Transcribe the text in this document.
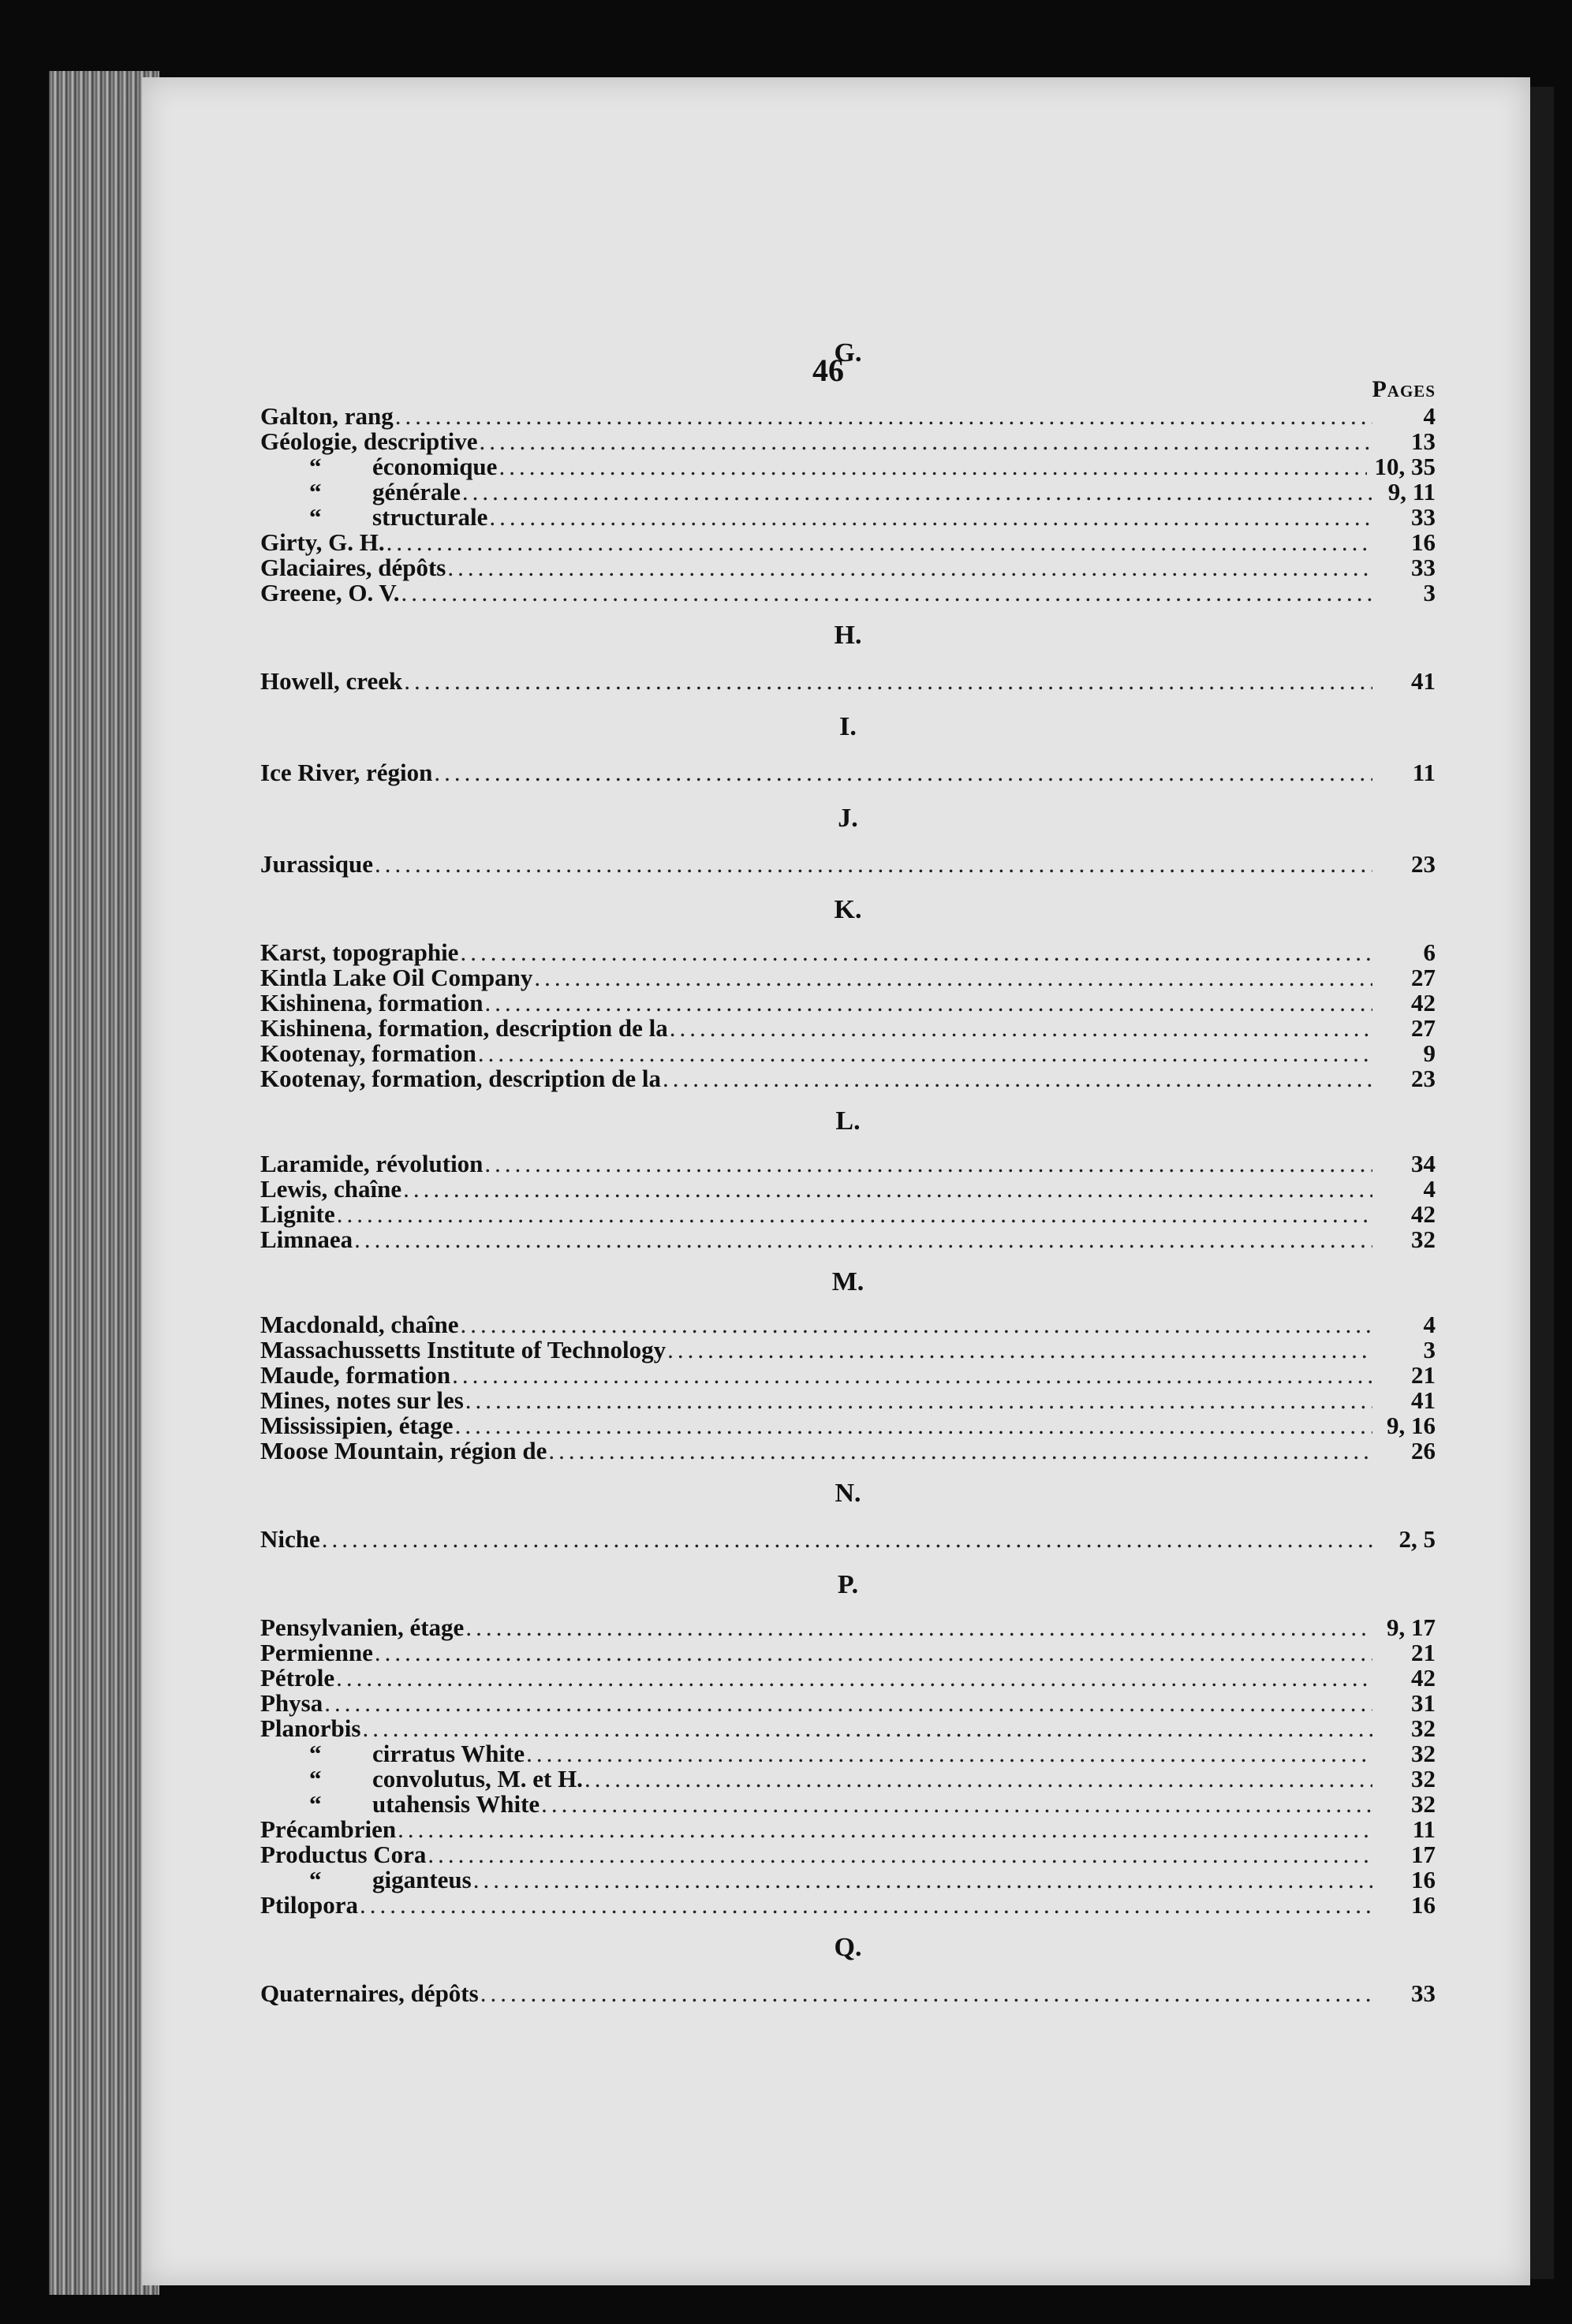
46
G.
Pages
Galton, rang .....	4
Géologie, descriptive .....	13
“ économique .....	10, 35
“ générale .....	9, 11
“ structurale .....	33
Girty, G. H. .....	16
Glaciaires, dépôts .....	33
Greene, O. V. .....	3
H.
Howell, creek .....	41
I.
Ice River, région .....	11
J.
Jurassique .....	23
K.
Karst, topographie .....	6
Kintla Lake Oil Company .....	27
Kishinena, formation .....	42
Kishinena, formation, description de la .....	27
Kootenay, formation .....	9
Kootenay, formation, description de la .....	23
L.
Laramide, révolution .....	34
Lewis, chaîne .....	4
Lignite .....	42
Limnaea .....	32
M.
Macdonald, chaîne .....	4
Massachussetts Institute of Technology .....	3
Maude, formation .....	21
Mines, notes sur les .....	41
Mississipien, étage .....	9, 16
Moose Mountain, région de .....	26
N.
Niche .....	2, 5
P.
Pensylvanien, étage .....	9, 17
Permienne .....	21
Pétrole .....	42
Physa .....	31
Planorbis .....	32
“ cirratus White .....	32
“ convolutus, M. et H. .....	32
“ utahensis White .....	32
Précambrien .....	11
Productus Cora .....	17
“ giganteus .....	16
Ptilopora .....	16
Q.
Quaternaires, dépôts .....	33
